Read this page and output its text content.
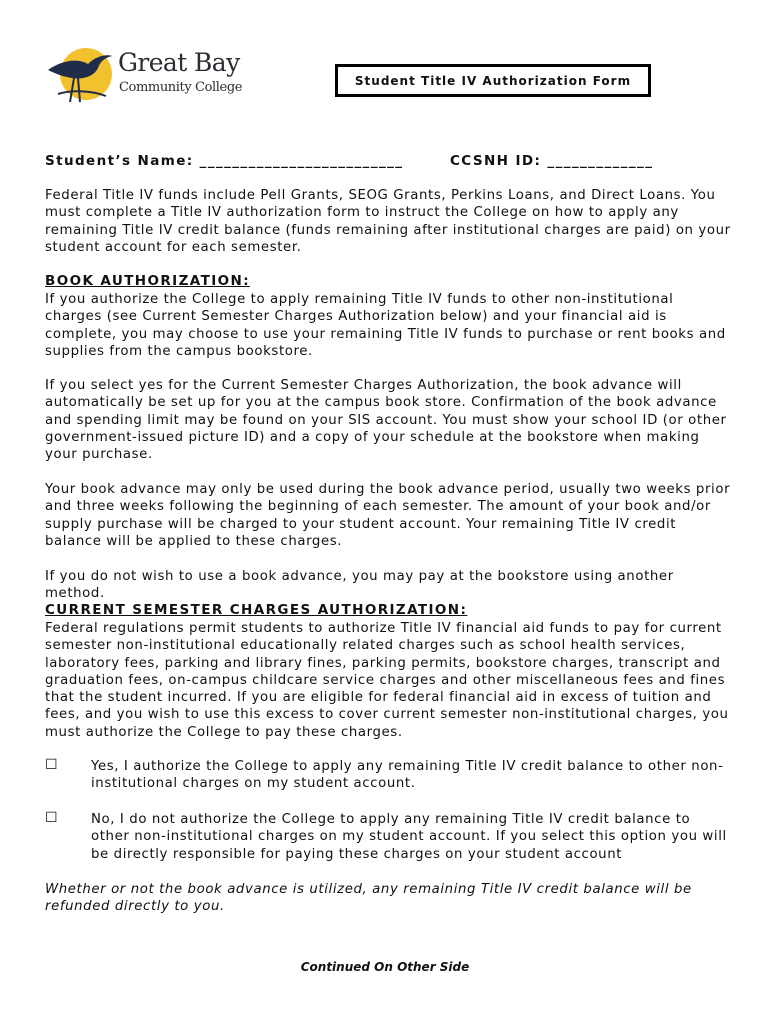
Great Bay
Community College	Student Title IV Authorization Form
Student’s Name: _________________________	CCSNH ID: _____________

Federal Title IV funds include Pell Grants, SEOG Grants, Perkins Loans, and Direct Loans. You must complete a Title IV authorization form to instruct the College on how to apply any remaining Title IV credit balance (funds remaining after institutional charges are paid) on your student account for each semester.

BOOK AUTHORIZATION:

If you authorize the College to apply remaining Title IV funds to other non-institutional charges (see Current Semester Charges Authorization below) and your financial aid is complete, you may choose to use your remaining Title IV funds to purchase or rent books and supplies from the campus bookstore.

If you select yes for the Current Semester Charges Authorization, the book advance will automatically be set up for you at the campus book store. Confirmation of the book advance and spending limit may be found on your SIS account. You must show your school ID (or other government-issued picture ID) and a copy of your schedule at the bookstore when making your purchase.

Your book advance may only be used during the book advance period, usually two weeks prior and three weeks following the beginning of each semester. The amount of your book and/or supply purchase will be charged to your student account. Your remaining Title IV credit balance will be applied to these charges.

If you do not wish to use a book advance, you may pay at the bookstore using another method.

CURRENT SEMESTER CHARGES AUTHORIZATION:

Federal regulations permit students to authorize Title IV financial aid funds to pay for current semester non-institutional educationally related charges such as school health services, laboratory fees, parking and library fines, parking permits, bookstore charges, transcript and graduation fees, on-campus childcare service charges and other miscellaneous fees and fines that the student incurred. If you are eligible for federal financial aid in excess of tuition and fees, and you wish to use this excess to cover current semester non-institutional charges, you must authorize the College to pay these charges.

☐	Yes, I authorize the College to apply any remaining Title IV credit balance to other non-institutional charges on my student account.

☐	No, I do not authorize the College to apply any remaining Title IV credit balance to other non-institutional charges on my student account. If you select this option you will be directly responsible for paying these charges on your student account

Whether or not the book advance is utilized, any remaining Title IV credit balance will be refunded directly to you.

Continued On Other Side
